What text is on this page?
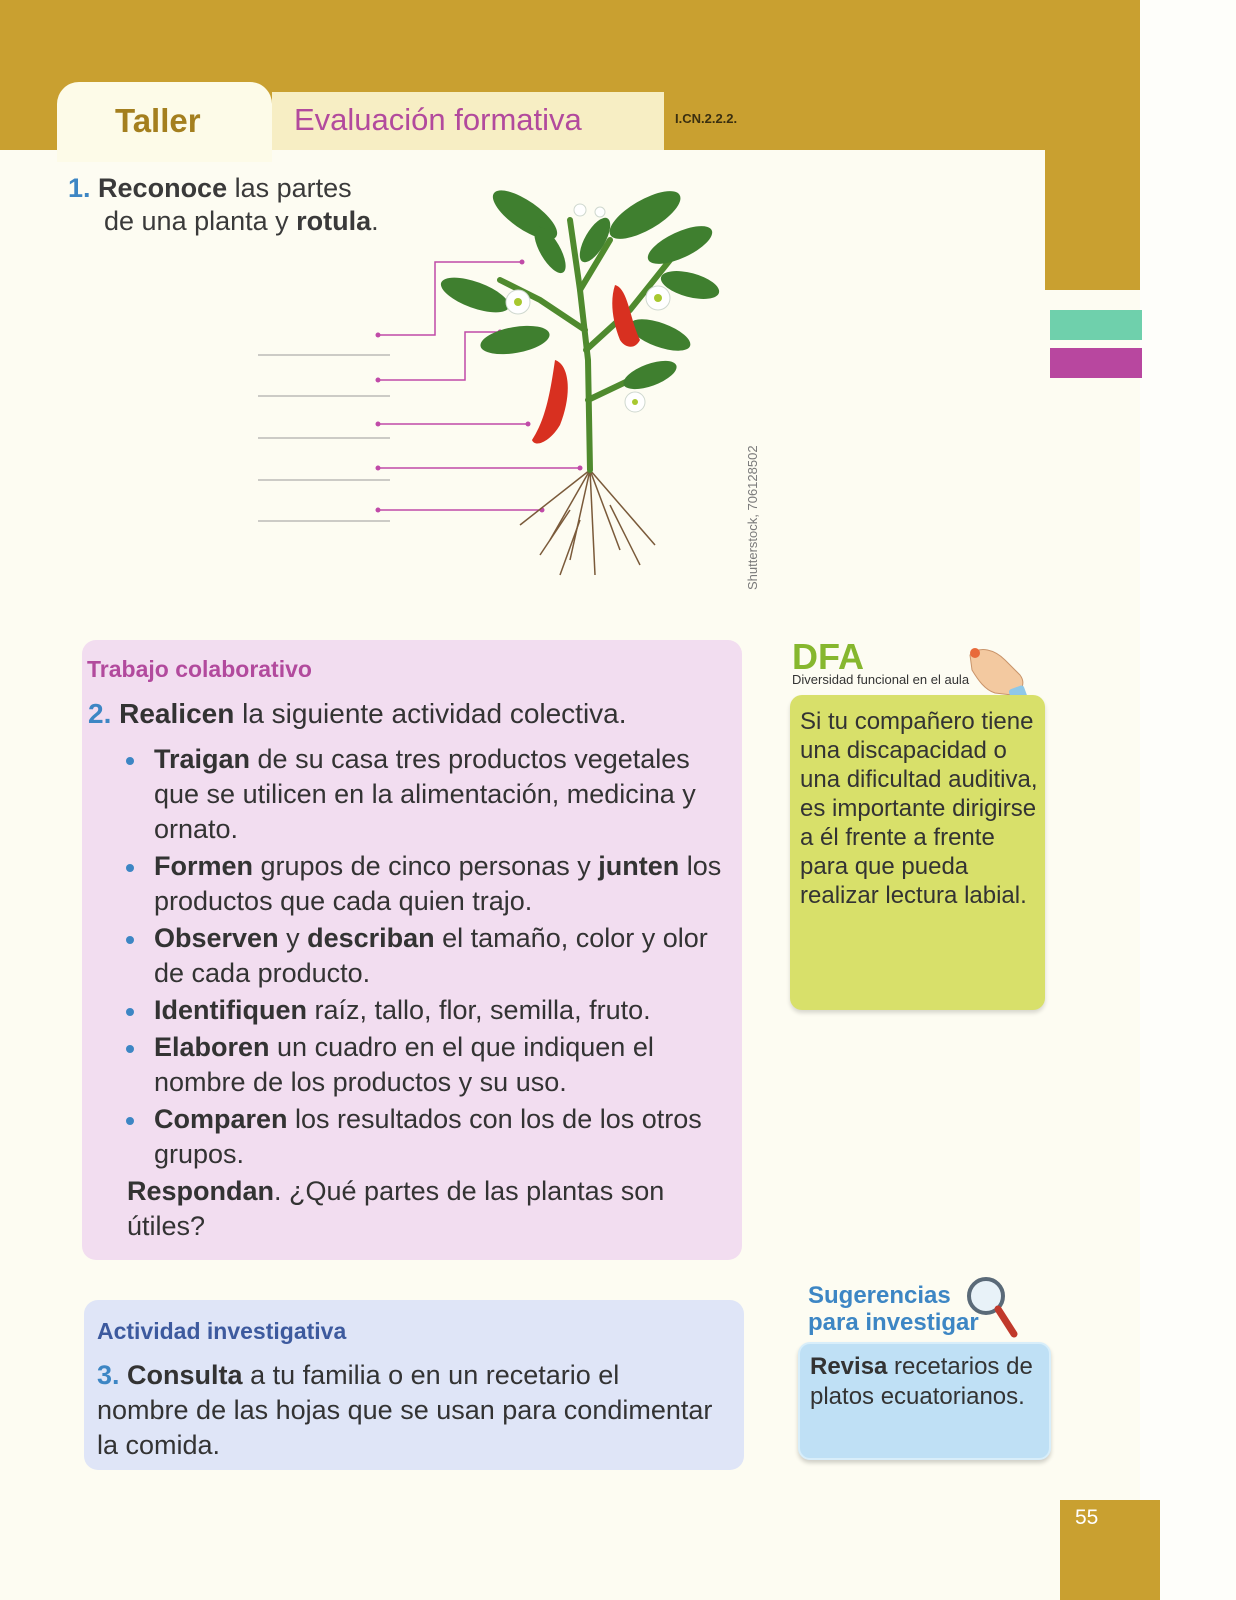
Taller	Evaluación formativa	I.CN.2.2.2.
1. Reconoce las partes
de una planta y rotula.
Shutterstock, 706128502
Trabajo colaborativo
2. Realicen la siguiente actividad colectiva.
Traigan de su casa tres productos vegetales que se utilicen en la alimentación, medicina y ornato.
Formen grupos de cinco personas y junten los productos que cada quien trajo.
Observen y describan el tamaño, color y olor de cada producto.
Identifiquen raíz, tallo, flor, semilla, fruto.
Elaboren un cuadro en el que indiquen el nombre de los productos y su uso.
Comparen los resultados con los de los otros grupos.
Respondan. ¿Qué partes de las plantas son útiles?
Actividad investigativa
3. Consulta a tu familia o en un recetario el nombre de las hojas que se usan para condimentar la comida.
DFA
Diversidad funcional en el aula
Si tu compañero tiene una discapacidad o una dificultad auditiva, es importante dirigirse a él frente a frente para que pueda realizar lectura labial.
Sugerencias
para investigar
Revisa recetarios de platos ecuatorianos.
55
